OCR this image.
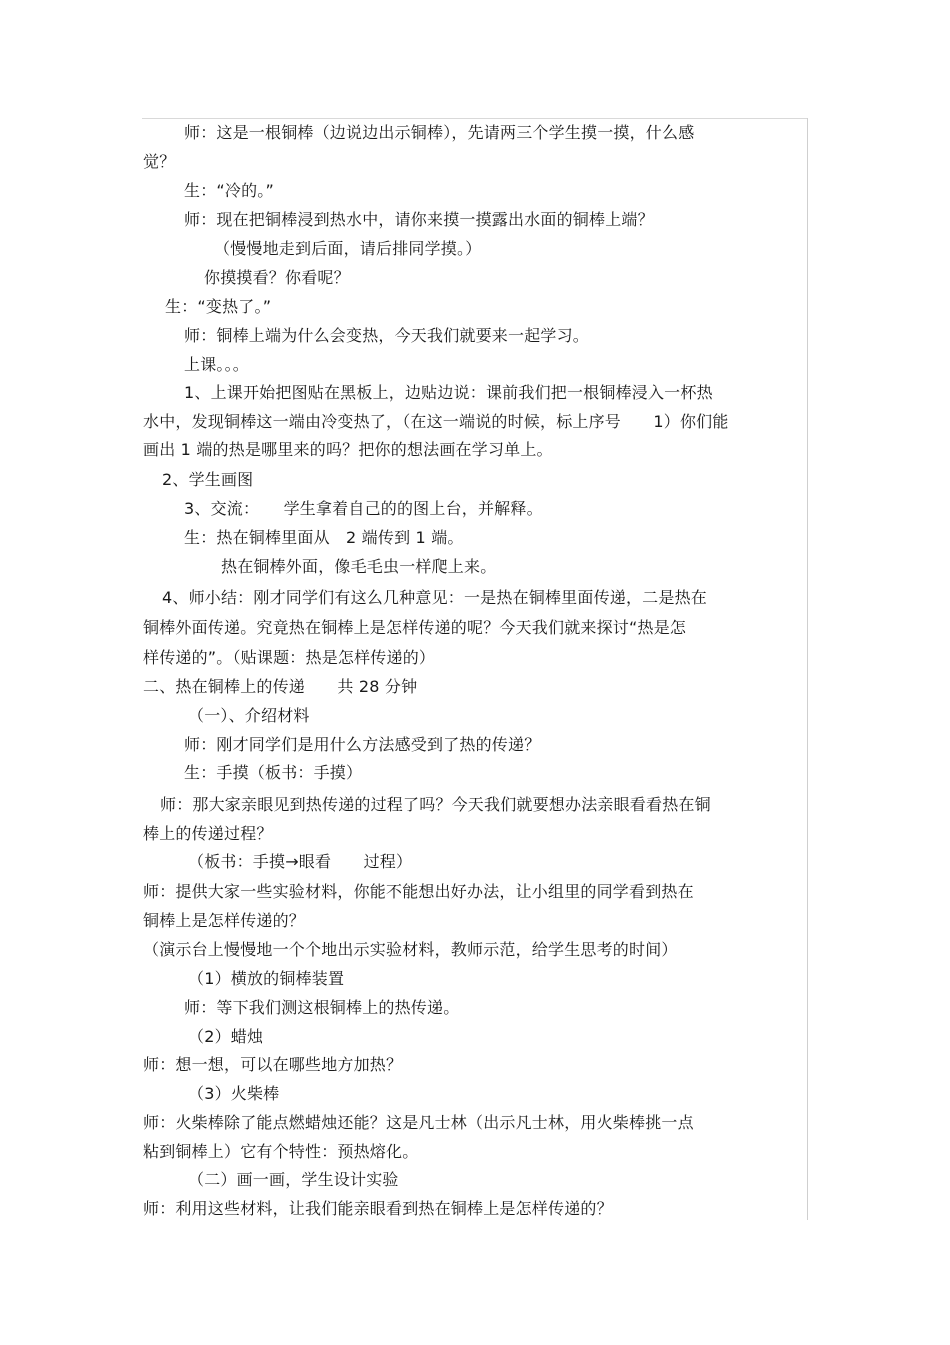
师：这是一根铜棒（边说边出示铜棒），先请两三个学生摸一摸，什么感
觉？
生：“冷的。”
师：现在把铜棒浸到热水中，请你来摸一摸露出水面的铜棒上端？
（慢慢地走到后面，请后排同学摸。）
你摸摸看？你看呢？
生：“变热了。”
师：铜棒上端为什么会变热，今天我们就要来一起学习。
上课。。。
1、上课开始把图贴在黑板上，边贴边说：课前我们把一根铜棒浸入一杯热
水中，发现铜棒这一端由冷变热了，（在这一端说的时候，标上序号　　1）你们能
画出 1 端的热是哪里来的吗？把你的想法画在学习单上。
2、学生画图
3、交流：　　学生拿着自己的的图上台，并解释。
生：热在铜棒里面从　2 端传到 1 端。
热在铜棒外面，像毛毛虫一样爬上来。
4、师小结：刚才同学们有这么几种意见：一是热在铜棒里面传递，二是热在
铜棒外面传递。究竟热在铜棒上是怎样传递的呢？今天我们就来探讨“热是怎
样传递的”。（贴课题：热是怎样传递的）
二、热在铜棒上的传递　　共 28 分钟
（一）、介绍材料
师：刚才同学们是用什么方法感受到了热的传递？
生：手摸（板书：手摸）
师：那大家亲眼见到热传递的过程了吗？今天我们就要想办法亲眼看看热在铜
棒上的传递过程？
（板书：手摸→眼看　　过程）
师：提供大家一些实验材料，你能不能想出好办法，让小组里的同学看到热在
铜棒上是怎样传递的？
（演示台上慢慢地一个个地出示实验材料，教师示范，给学生思考的时间）
（1）横放的铜棒装置
师：等下我们测这根铜棒上的热传递。
（2）蜡烛
师：想一想，可以在哪些地方加热？
（3）火柴棒
师：火柴棒除了能点燃蜡烛还能？这是凡士林（出示凡士林，用火柴棒挑一点
粘到铜棒上）它有个特性：预热熔化。
（二）画一画，学生设计实验
师：利用这些材料，让我们能亲眼看到热在铜棒上是怎样传递的？
